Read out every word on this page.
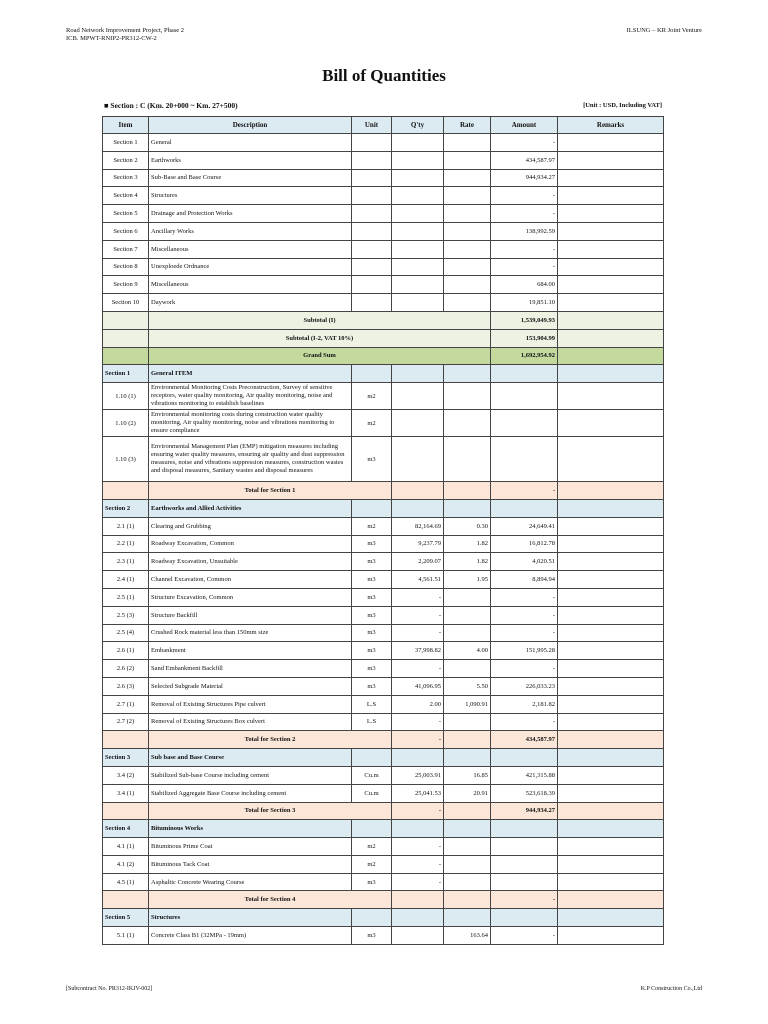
Road Network Improvement Project, Phase 2
ICB. MPWT-RNIP2-PR312-CW-2
ILSUNG – KR Joint Venture
Bill of Quantities
■ Section : C (Km. 20+000 ~ Km. 27+500)	[Unit : USD, Including VAT]
Item	Description	Unit	Q'ty	Rate	Amount	Remarks
Section 1	General				-	
Section 2	Earthworks				434,587.97	
Section 3	Sub-Base and Base Course				944,934.27	
Section 4	Structures				-	
Section 5	Drainage and Protection Works				-	
Section 6	Ancillary Works				138,992.59	
Section 7	Miscellaneous				-	
Section 8	Unexploede Ordnance				-	
Section 9	Miscellaneous				684.00	
Section 10	Daywork				19,851.10	
	Subtotal (I)				1,539,049.93	
	Subtotal (I-2, VAT 10%)				153,904.99	
	Grand Sum				1,692,954.92	
Section 1	General ITEM					
1.10 (1)	Environmental Monitoring Costs Preconstruction, Survey of sensitive receptors, water quality monitoring, Air quality monitoring, noise and vibrations monitoring to establish baselines	m2				
1.10 (2)	Environmental monitoring costs during construction water quality monitoring, Air quality monitoring, noise and vibrations monitoring to ensure compliance	m2				
1.10 (3)	Environmental Management Plan (EMP) mitigation measures including ensuring water quality measures, ensuring air quality and dust suppression measures, noise and vibrations suppression measures, construction wastes and disposal measures, Sanitary wastes and disposal measures	m3				
	Total for Section 1				-	
Section 2	Earthworks and Allied Activities					
2.1 (1)	Clearing and Grubbing	m2	82,164.69	0.30	24,649.41	
2.2 (1)	Roadway Excavation, Common	m3	9,237.79	1.82	16,812.78	
2.3 (1)	Roadway Excavation, Unsuitable	m3	2,209.07	1.82	4,020.51	
2.4 (1)	Channel Excavation, Common	m3	4,561.51	1.95	8,894.94	
2.5 (1)	Structure Excavation, Common	m3	-		-	
2.5 (3)	Structure Backfill	m3	-		-	
2.5 (4)	Crushed Rock material less than 150mm size	m3	-		-	
2.6 (1)	Embankment	m3	37,998.82	4.00	151,995.28	
2.6 (2)	Sand Embankment Backfill	m3	-		-	
2.6 (3)	Selected Subgrade Material	m3	41,096.95	5.50	226,033.23	
2.7 (1)	Removal of Existing Structures Pipe culvert	L.S	2.00	1,090.91	2,181.82	
2.7 (2)	Removal of Existing Structures Box culvert	L.S	-		-	
	Total for Section 2		-		434,587.97	
Section 3	Sub base and Base Course					
3.4 (2)	Stabilized Sub-base Course including cement	Cu.m	25,003.91	16.85	421,315.88	
3.4 (1)	Stabilized Aggregate Base Course including cement	Cu.m	25,041.53	20.91	523,618.39	
	Total for Section 3		-		944,934.27	
Section 4	Bituminous Works					
4.1 (1)	Bituminous Prime Coat	m2	-			
4.1 (2)	Bituminous Tack Coat	m2	-			
4.5 (1)	Asphaltic Concrete Wearing Course	m3	-			
	Total for Section 4				-	
Section 5	Structures					
5.1 (1)	Concrete Class B1 (32MPa - 19mm)	m3		163.64	-	
[Subcontract No. PR312-IKJV-002]	K.P Construction Co.,Ltd
